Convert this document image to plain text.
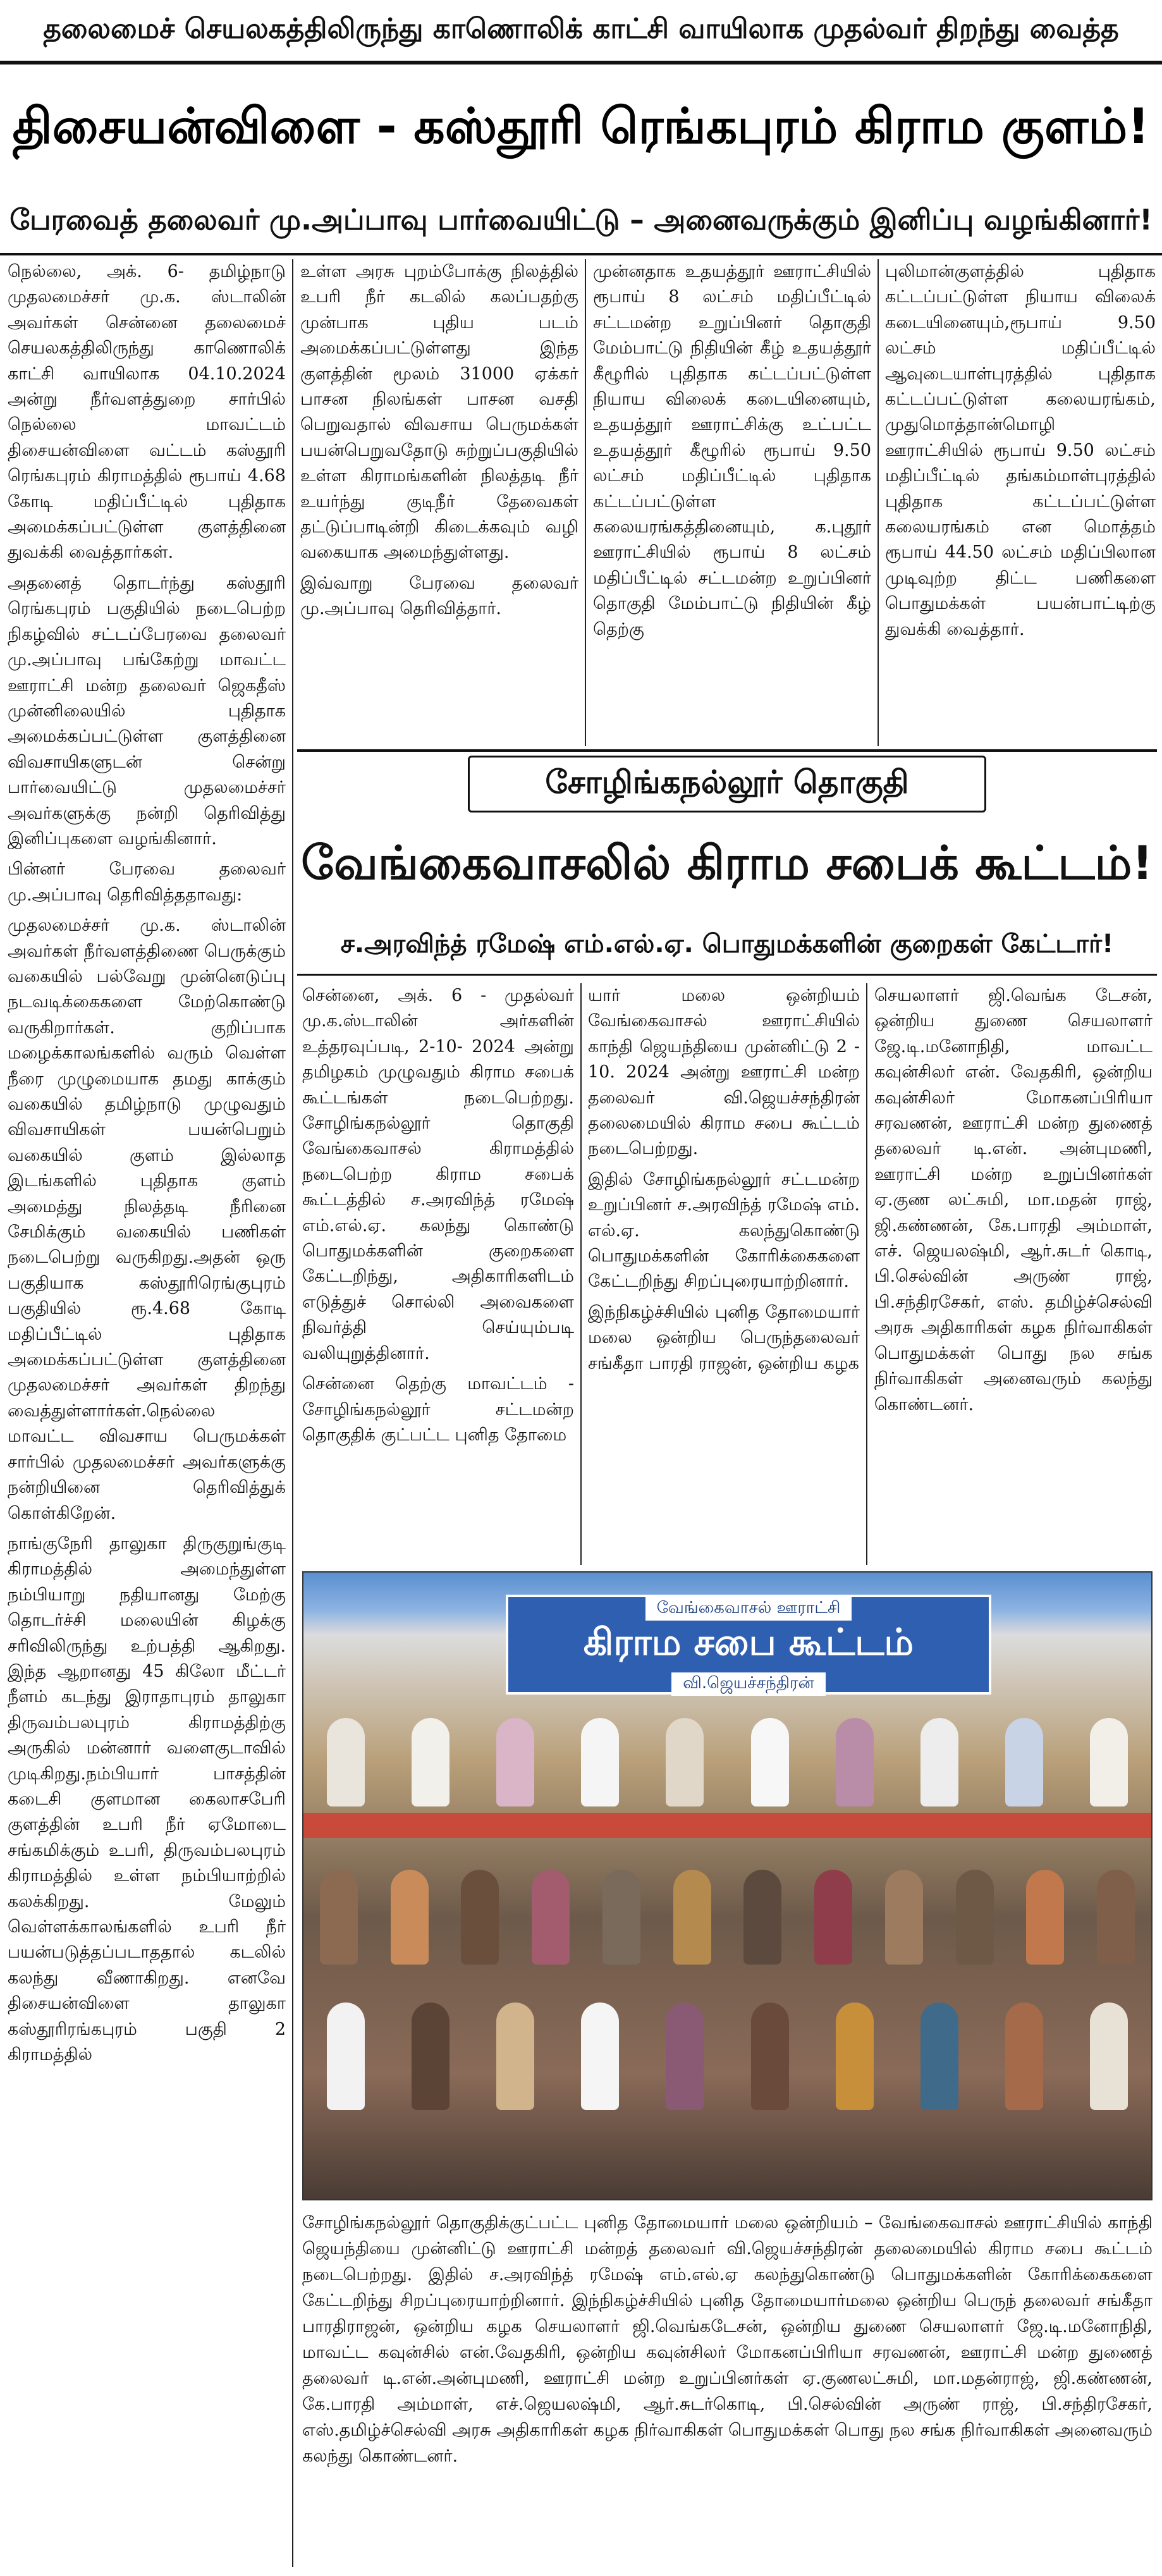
தலைமைச் செயலகத்திலிருந்து காணொலிக் காட்சி வாயிலாக முதல்வர் திறந்து வைத்த
திசையன்விளை - கஸ்தூரி ரெங்கபுரம் கிராம குளம்!
பேரவைத் தலைவர் மு.அப்பாவு பார்வையிட்டு – அனைவருக்கும் இனிப்பு வழங்கினார்!

நெல்லை, அக். 6- தமிழ்நாடு முதலமைச்சர் மு.க. ஸ்டாலின் அவர்கள் சென்னை தலைமைச் செயலகத்திலிருந்து காணொலிக் காட்சி வாயிலாக 04.10.2024 அன்று நீர்வளத்துறை சார்பில் நெல்லை மாவட்டம் திசையன்விளை வட்டம் கஸ்தூரி ரெங்கபுரம் கிராமத்தில் ரூபாய் 4.68 கோடி மதிப்பீட்டில் புதிதாக அமைக்கப்பட்டுள்ள குளத்தினை துவக்கி வைத்தார்கள்.

அதனைத் தொடர்ந்து கஸ்தூரி ரெங்கபுரம் பகுதியில் நடைபெற்ற நிகழ்வில் சட்டப்பேரவை தலைவர் மு.அப்பாவு பங்கேற்று மாவட்ட ஊராட்சி மன்ற தலைவர் ஜெகதீஸ் முன்னிலையில் புதிதாக அமைக்கப்பட்டுள்ள குளத்தினை விவசாயிகளுடன் சென்று பார்வையிட்டு முதலமைச்சர் அவர்களுக்கு நன்றி தெரிவித்து இனிப்புகளை வழங்கினார்.

பின்னர் பேரவை தலைவர் மு.அப்பாவு தெரிவித்ததாவது:

முதலமைச்சர் மு.க. ஸ்டாலின் அவர்கள் நீர்வளத்திணை பெருக்கும் வகையில் பல்வேறு முன்னெடுப்பு நடவடிக்கைகளை மேற்கொண்டு வருகிறார்கள். குறிப்பாக மழைக்காலங்களில் வரும் வெள்ள நீரை முழுமையாக தமது காக்கும் வகையில் தமிழ்நாடு முழுவதும் விவசாயிகள் பயன்பெறும் வகையில் குளம் இல்லாத இடங்களில் புதிதாக குளம் அமைத்து நிலத்தடி நீரினை சேமிக்கும் வகையில் பணிகள் நடைபெற்று வருகிறது.அதன் ஒரு பகுதியாக கஸ்தூரிரெங்குபுரம் பகுதியில் ரூ.4.68 கோடி மதிப்பீட்டில் புதிதாக அமைக்கப்பட்டுள்ள குளத்தினை முதலமைச்சர் அவர்கள் திறந்து வைத்துள்ளார்கள்.நெல்லை மாவட்ட விவசாய பெருமக்கள் சார்பில் முதலமைச்சர் அவர்களுக்கு நன்றியினை தெரிவித்துக் கொள்கிறேன்.

நாங்குநேரி தாலுகா திருகுறுங்குடி கிராமத்தில் அமைந்துள்ள நம்பியாறு நதியானது மேற்கு தொடர்ச்சி மலையின் கிழக்கு சரிவிலிருந்து உற்பத்தி ஆகிறது. இந்த ஆறானது 45 கிலோ மீட்டர் நீளம் கடந்து இராதாபுரம் தாலுகா திருவம்பலபுரம் கிராமத்திற்கு அருகில் மன்னார் வளைகுடாவில் முடிகிறது.நம்பியார் பாசத்தின் கடைசி குளமான கைலாசபேரி குளத்தின் உபரி நீர் ஏமோடை சங்கமிக்கும் உபரி, திருவம்பலபுரம் கிராமத்தில் உள்ள நம்பியாற்றில் கலக்கிறது. மேலும் வெள்ளக்காலங்களில் உபரி நீர் பயன்படுத்தப்படாததால் கடலில் கலந்து வீணாகிறது. எனவே திசையன்விளை தாலுகா கஸ்தூரிரங்கபுரம் பகுதி 2 கிராமத்தில்

உள்ள அரசு புறம்போக்கு நிலத்தில் உபரி நீர் கடலில் கலப்பதற்கு முன்பாக புதிய படம் அமைக்கப்பட்டுள்ளது இந்த குளத்தின் மூலம் 31000 ஏக்கர் பாசன நிலங்கள் பாசன வசதி பெறுவதால் விவசாய பெருமக்கள் பயன்பெறுவதோடு சுற்றுப்பகுதியில் உள்ள கிராமங்களின் நிலத்தடி நீர் உயர்ந்து குடிநீர் தேவைகள் தட்டுப்பாடின்றி கிடைக்கவும் வழி வகையாக அமைந்துள்ளது.

இவ்வாறு பேரவை தலைவர் மு.அப்பாவு தெரிவித்தார்.

முன்னதாக உதயத்தூர் ஊராட்சியில் ரூபாய் 8 லட்சம் மதிப்பீட்டில் சட்டமன்ற உறுப்பினர் தொகுதி மேம்பாட்டு நிதியின் கீழ் உதயத்தூர் கீழூரில் புதிதாக கட்டப்பட்டுள்ள நியாய விலைக் கடையினையும், உதயத்தூர் ஊராட்சிக்கு உட்பட்ட உதயத்தூர் கீழூரில் ரூபாய் 9.50 லட்சம் மதிப்பீட்டில் புதிதாக கட்டப்பட்டுள்ள கலையரங்கத்தினையும், க.புதூர் ஊராட்சியில் ரூபாய் 8 லட்சம் மதிப்பீட்டில் சட்டமன்ற உறுப்பினர் தொகுதி மேம்பாட்டு நிதியின் கீழ் தெற்கு

புலிமான்குளத்தில் புதிதாக கட்டப்பட்டுள்ள நியாய விலைக் கடையினையும்,ரூபாய் 9.50 லட்சம் மதிப்பீட்டில் ஆவுடையாள்புரத்தில் புதிதாக கட்டப்பட்டுள்ள கலையரங்கம், முதுமொத்தான்மொழி ஊராட்சியில் ரூபாய் 9.50 லட்சம் மதிப்பீட்டில் தங்கம்மாள்புரத்தில் புதிதாக கட்டப்பட்டுள்ள கலையரங்கம் என மொத்தம் ரூபாய் 44.50 லட்சம் மதிப்பிலான முடிவுற்ற திட்ட பணிகளை பொதுமக்கள் பயன்பாட்டிற்கு துவக்கி வைத்தார்.

சோழிங்கநல்லூர் தொகுதி
வேங்கைவாசலில் கிராம சபைக் கூட்டம்!
ச.அரவிந்த் ரமேஷ் எம்.எல்.ஏ. பொதுமக்களின் குறைகள் கேட்டார்!

சென்னை, அக். 6 - முதல்வர் மு.க.ஸ்டாலின் அர்களின் உத்தரவுப்படி, 2-10- 2024 அன்று தமிழகம் முழுவதும் கிராம சபைக் கூட்டங்கள் நடைபெற்றது. சோழிங்கநல்லூர் தொகுதி வேங்கைவாசல் கிராமத்தில் நடைபெற்ற கிராம சபைக் கூட்டத்தில் ச.அரவிந்த் ரமேஷ் எம்.எல்.ஏ. கலந்து கொண்டு பொதுமக்களின் குறைகளை கேட்டறிந்து, அதிகாரிகளிடம் எடுத்துச் சொல்லி அவைகளை நிவர்த்தி செய்யும்படி வலியுறுத்தினார்.

சென்னை தெற்கு மாவட்டம் - சோழிங்கநல்லூர் சட்டமன்ற தொகுதிக் குட்பட்ட புனித தோமை

யார் மலை ஒன்றியம் வேங்கைவாசல் ஊராட்சியில் காந்தி ஜெயந்தியை முன்னிட்டு 2 - 10. 2024 அன்று ஊராட்சி மன்ற தலைவர் வி.ஜெயச்சந்திரன் தலைமையில் கிராம சபை கூட்டம் நடைபெற்றது.

இதில் சோழிங்கநல்லூர் சட்டமன்ற உறுப்பினர் ச.அரவிந்த் ரமேஷ் எம். எல்.ஏ. கலந்துகொண்டு பொதுமக்களின் கோரிக்கைகளை கேட்டறிந்து சிறப்புரையாற்றினார்.

இந்நிகழ்ச்சியில் புனித தோமையார் மலை ஒன்றிய பெருந்தலைவர் சங்கீதா பாரதி ராஜன், ஒன்றிய கழக

செயலாளர் ஜி.வெங்க டேசன், ஒன்றிய துணை செயலாளர் ஜே.டி.மனோநிதி, மாவட்ட கவுன்சிலர் என். வேதகிரி, ஒன்றிய கவுன்சிலர் மோகனப்பிரியா சரவணன், ஊராட்சி மன்ற துணைத் தலைவர் டி.என். அன்புமணி, ஊராட்சி மன்ற உறுப்பினர்கள் ஏ.குண லட்சுமி, மா.மதன் ராஜ், ஜி.கண்ணன், கே.பாரதி அம்மாள், எச். ஜெயலஷ்மி, ஆர்.சுடர் கொடி, பி.செல்வின் அருண் ராஜ், பி.சந்திரசேகர், எஸ். தமிழ்ச்செல்வி அரசு அதிகாரிகள் கழக நிர்வாகிகள் பொதுமக்கள் பொது நல சங்க நிர்வாகிகள் அனைவரும் கலந்து கொண்டனர்.

வேங்கைவாசல் ஊராட்சி
கிராம சபை கூட்டம்
வி.ஜெயச்சந்திரன்
சோழிங்கநல்லூர் தொகுதிக்குட்பட்ட புனித தோமையார் மலை ஒன்றியம் – வேங்கைவாசல் ஊராட்சியில் காந்தி ஜெயந்தியை முன்னிட்டு ஊராட்சி மன்றத் தலைவர் வி.ஜெயச்சந்திரன் தலைமையில் கிராம சபை கூட்டம் நடைபெற்றது. இதில் ச.அரவிந்த் ரமேஷ் எம்.எல்.ஏ கலந்துகொண்டு பொதுமக்களின் கோரிக்கைகளை கேட்டறிந்து சிறப்புரையாற்றினார். இந்நிகழ்ச்சியில் புனித தோமையார்மலை ஒன்றிய பெருந் தலைவர் சங்கீதா பாரதிராஜன், ஒன்றிய கழக செயலாளர் ஜி.வெங்கடேசன், ஒன்றிய துணை செயலாளர் ஜே.டி.மனோநிதி, மாவட்ட கவுன்சில் என்.வேதகிரி, ஒன்றிய கவுன்சிலர் மோகனப்பிரியா சரவணன், ஊராட்சி மன்ற துணைத் தலைவர் டி.என்.அன்புமணி, ஊராட்சி மன்ற உறுப்பினர்கள் ஏ.குணலட்சுமி, மா.மதன்ராஜ், ஜி.கண்ணன், கே.பாரதி அம்மாள், எச்.ஜெயலஷ்மி, ஆர்.சுடர்கொடி, பி.செல்வின் அருண் ராஜ், பி.சந்திரசேகர், எஸ்.தமிழ்ச்செல்வி அரசு அதிகாரிகள் கழக நிர்வாகிகள் பொதுமக்கள் பொது நல சங்க நிர்வாகிகள் அனைவரும் கலந்து கொண்டனர்.
